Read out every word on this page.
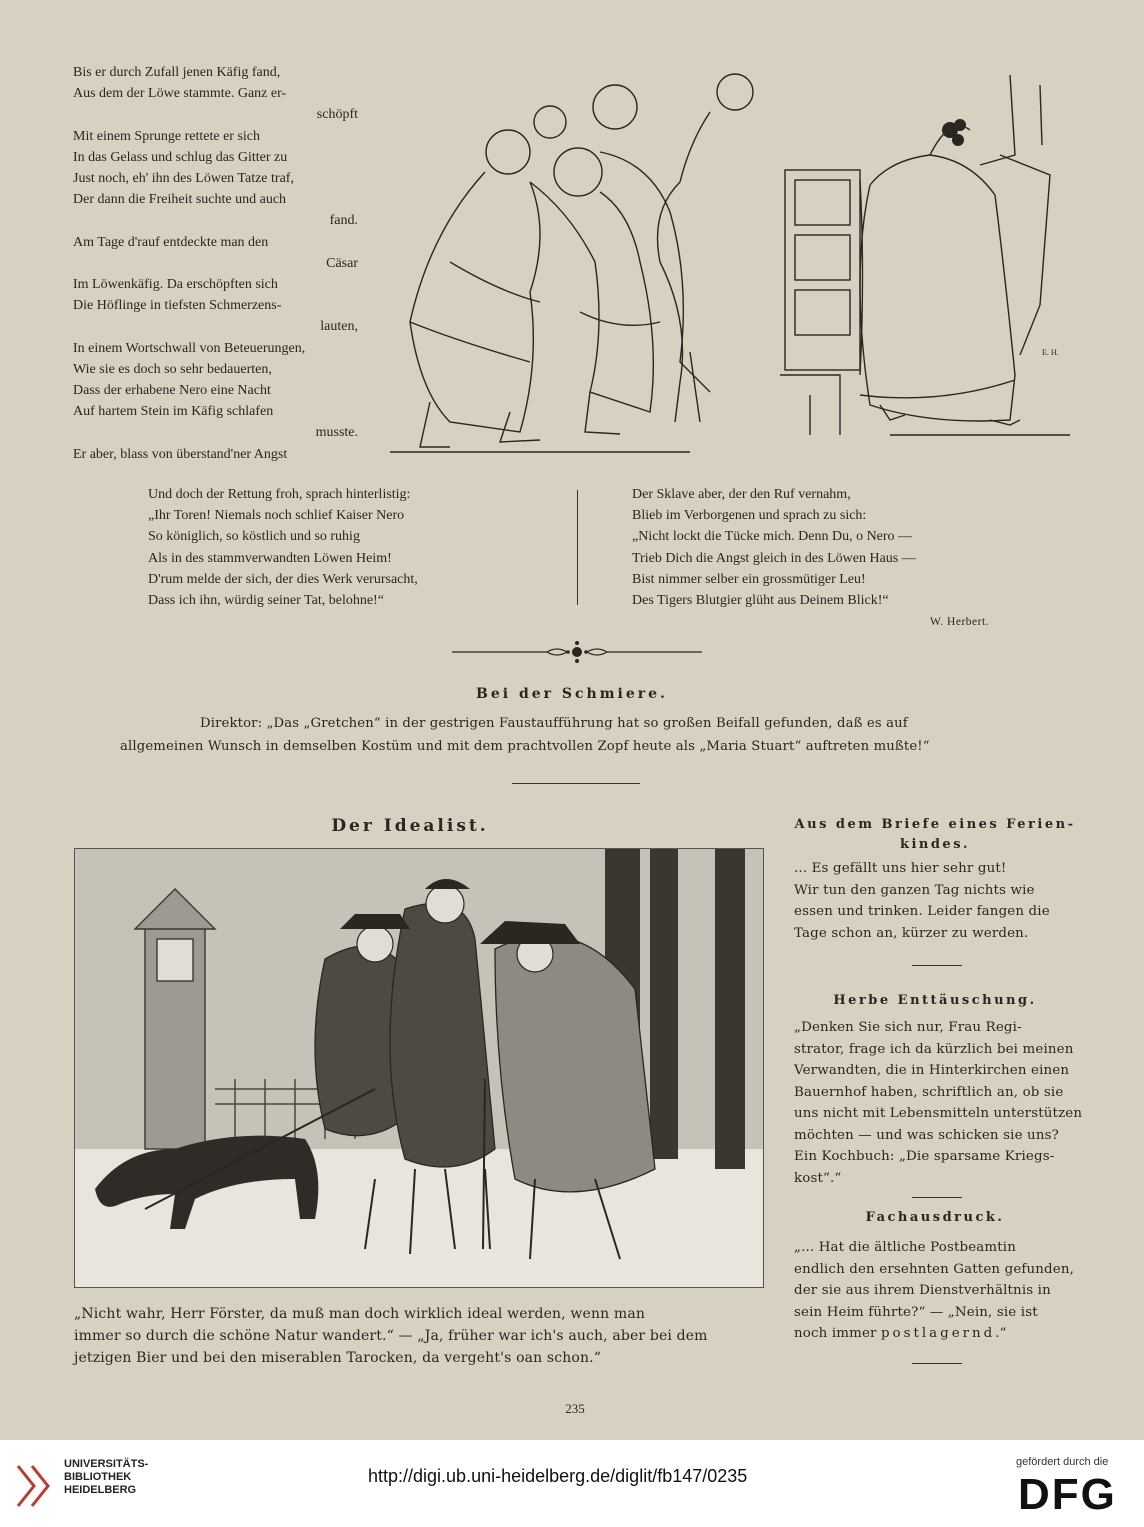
Bis er durch Zufall jenen Käfig fand,

Aus dem der Löwe stammte. Ganz er-

schöpft

Mit einem Sprunge rettete er sich

In das Gelass und schlug das Gitter zu

Just noch, eh' ihn des Löwen Tatze traf,

Der dann die Freiheit suchte und auch

fand.

Am Tage d'rauf entdeckte man den

Cäsar

Im Löwenkäfig. Da erschöpften sich

Die Höflinge in tiefsten Schmerzens-

lauten,

In einem Wortschwall von Beteuerungen,

Wie sie es doch so sehr bedauerten,

Dass der erhabene Nero eine Nacht

Auf hartem Stein im Käfig schlafen

musste.

Er aber, blass von überstand'ner Angst

E. H.

Und doch der Rettung froh, sprach hinterlistig:

„Ihr Toren! Niemals noch schlief Kaiser Nero

So königlich, so köstlich und so ruhig

Als in des stammverwandten Löwen Heim!

D'rum melde der sich, der dies Werk verursacht,

Dass ich ihn, würdig seiner Tat, belohne!“

Der Sklave aber, der den Ruf vernahm,

Blieb im Verborgenen und sprach zu sich:

„Nicht lockt die Tücke mich. Denn Du, o Nero —

Trieb Dich die Angst gleich in des Löwen Haus —

Bist nimmer selber ein grossmütiger Leu!

Des Tigers Blutgier glüht aus Deinem Blick!“

W. Herbert.
Bei der Schmiere.
Direktor: „Das „Gretchen“ in der gestrigen Faustaufführung hat so großen Beifall gefunden, daß es auf
allgemeinen Wunsch in demselben Kostüm und mit dem prachtvollen Zopf heute als „Maria Stuart“ auftreten mußte!“
Der Idealist.
„Nicht wahr, Herr Förster, da muß man doch wirklich ideal werden, wenn man
immer so durch die schöne Natur wandert.“ — „Ja, früher war ich's auch, aber bei dem
jetzigen Bier und bei den miserablen Tarocken, da vergeht's oan schon.“
Aus dem Briefe eines Ferien-
kindes.
... Es gefällt uns hier sehr gut!
Wir tun den ganzen Tag nichts wie
essen und trinken. Leider fangen die
Tage schon an, kürzer zu werden.
Herbe Enttäuschung.
„Denken Sie sich nur, Frau Regi-
strator, frage ich da kürzlich bei meinen
Verwandten, die in Hinterkirchen einen
Bauernhof haben, schriftlich an, ob sie
uns nicht mit Lebensmitteln unterstützen
möchten — und was schicken sie uns?
Ein Kochbuch: „Die sparsame Kriegs-
kost“.“
Fachausdruck.
„... Hat die ältliche Postbeamtin
endlich den ersehnten Gatten gefunden,
der sie aus ihrem Dienstverhältnis in
sein Heim führte?“ — „Nein, sie ist
noch immer postlagernd.“
235
UNIVERSITÄTS-
BIBLIOTHEK
HEIDELBERG
http://digi.ub.uni-heidelberg.de/diglit/fb147/0235
gefördert durch die
DFG
